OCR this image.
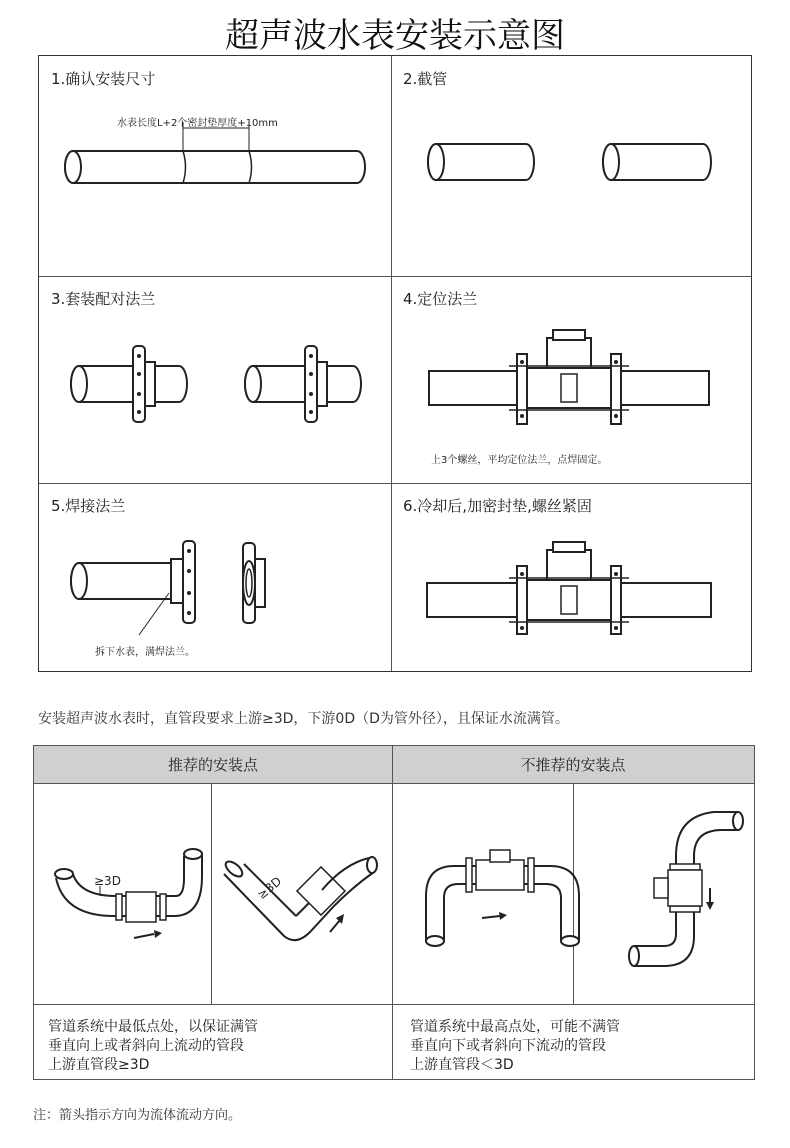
超声波水表安装示意图
1.确认安装尺寸
水表长度L+2个密封垫厚度+10mm
2.截管
3.套装配对法兰	4.定位法兰
上3个螺丝，平均定位法兰，点焊固定。
5.焊接法兰
拆下水表，满焊法兰。
6.冷却后,加密封垫,螺丝紧固
安装超声波水表时，直管段要求上游≥3D，下游0D（D为管外径），且保证水流满管。
推荐的安装点	不推荐的安装点
≥3D	≥3D
管道系统中最低点处，以保证满管
垂直向上或者斜向上流动的管段
上游直管段≥3D
管道系统中最高点处，可能不满管
垂直向下或者斜向下流动的管段
上游直管段＜3D
注：箭头指示方向为流体流动方向。
